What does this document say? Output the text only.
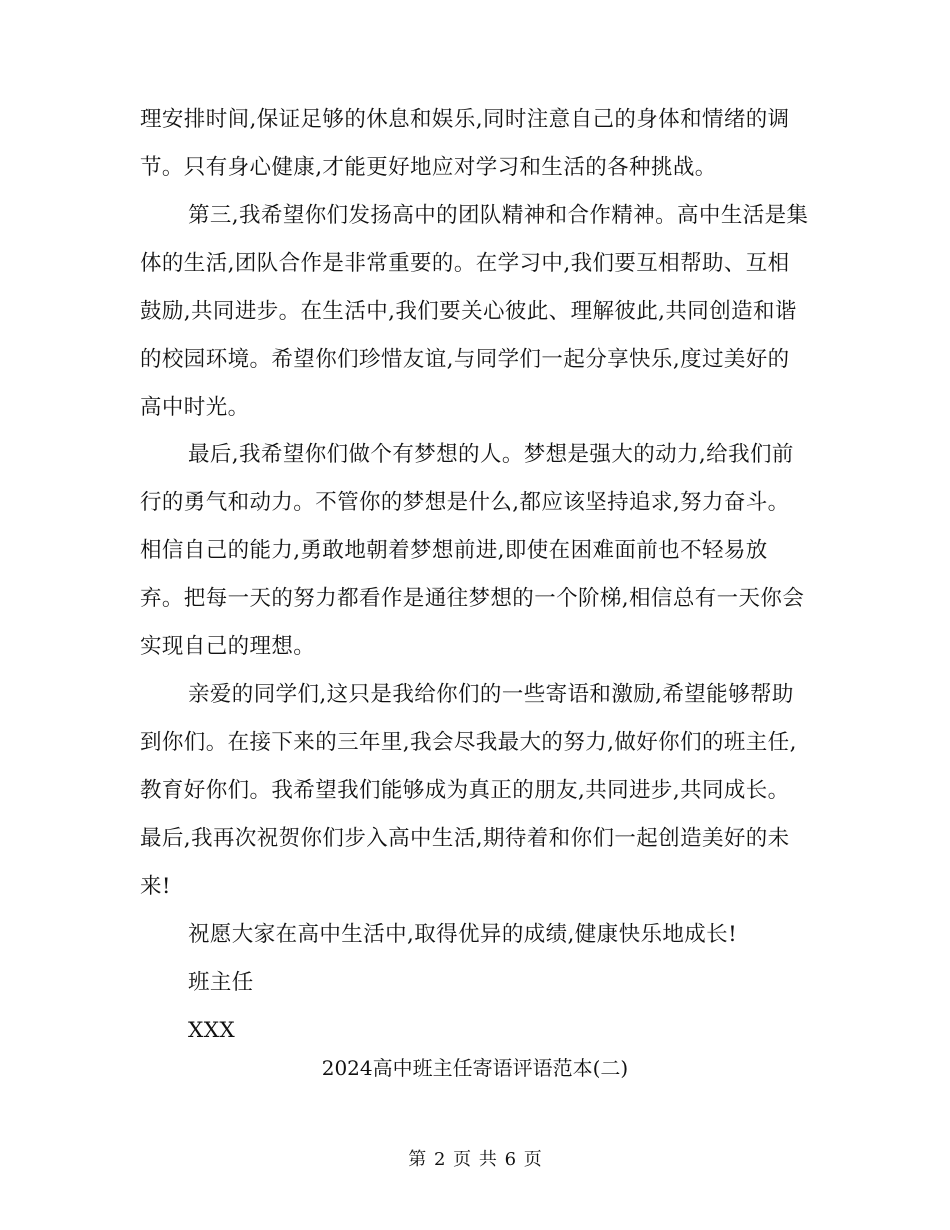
理安排时间,保证足够的休息和娱乐,同时注意自己的身体和情绪的调
节。只有身心健康,才能更好地应对学习和生活的各种挑战。
第三,我希望你们发扬高中的团队精神和合作精神。高中生活是集
体的生活,团队合作是非常重要的。在学习中,我们要互相帮助、互相
鼓励,共同进步。在生活中,我们要关心彼此、理解彼此,共同创造和谐
的校园环境。希望你们珍惜友谊,与同学们一起分享快乐,度过美好的
高中时光。
最后,我希望你们做个有梦想的人。梦想是强大的动力,给我们前
行的勇气和动力。不管你的梦想是什么,都应该坚持追求,努力奋斗。
相信自己的能力,勇敢地朝着梦想前进,即使在困难面前也不轻易放
弃。把每一天的努力都看作是通往梦想的一个阶梯,相信总有一天你会
实现自己的理想。
亲爱的同学们,这只是我给你们的一些寄语和激励,希望能够帮助
到你们。在接下来的三年里,我会尽我最大的努力,做好你们的班主任,
教育好你们。我希望我们能够成为真正的朋友,共同进步,共同成长。
最后,我再次祝贺你们步入高中生活,期待着和你们一起创造美好的未
来!
祝愿大家在高中生活中,取得优异的成绩,健康快乐地成长!
班主任
XXX
2024高中班主任寄语评语范本(二)
第 2 页 共 6 页
